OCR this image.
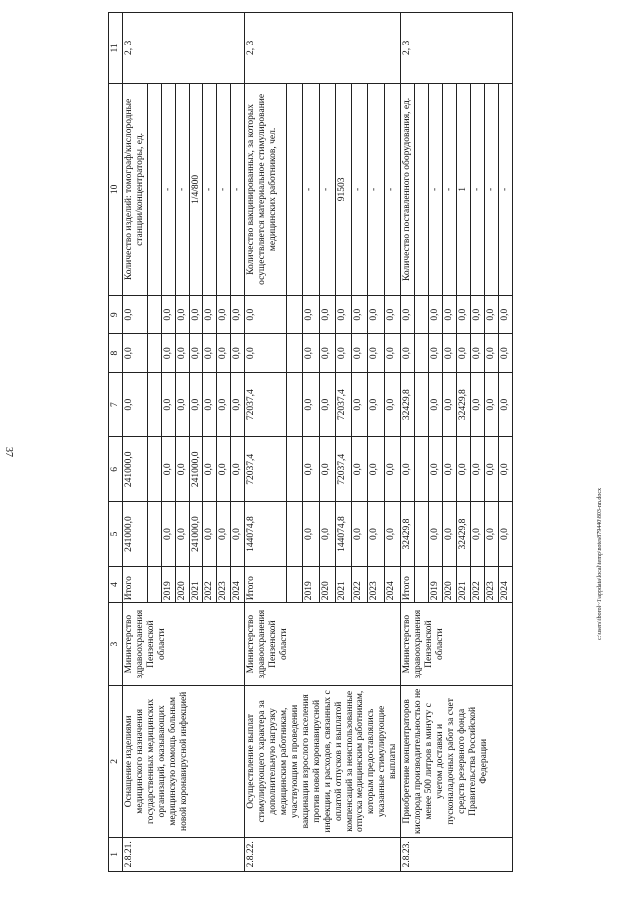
37
c:\users\iborol~1\appdata\local\temp\notes879440\803-nn.docx
1	2	3	4	5	6	7	8	9	10	11
2.8.21.	Оснащение изделиями медицинского назначения государственных медицинских организаций, оказывающих медицинскую помощь больным новой коронавирусной инфекцией	Министерство здравоохранения Пензенской области	Итого	241000,0	241000,0	0,0	0,0	0,0	Количество изделий: томограф/кислородные станции/концентраторы, ед.	2, 3

			2019	0,0	0,0	0,0	0,0	0,0	-	
			2020	0,0	0,0	0,0	0,0	0,0	-	
			2021	241000,0	241000,0	0,0	0,0	0,0	1/4/800	
			2022	0,0	0,0	0,0	0,0	0,0	-	
			2023	0,0	0,0	0,0	0,0	0,0	-	
			2024	0,0	0,0	0,0	0,0	0,0	-	
2.8.22.	Осуществление выплат стимулирующего характера за дополнительную нагрузку медицинским работникам, участвующим в проведении вакцинации взрослого населения против новой коронавирусной инфекции, и расходов, связанных с оплатой отпусков и выплатой компенсаций за неиспользованные отпуска медицинским работникам, которым предоставлялись указанные стимулирующие выплаты	Министерство здравоохранения Пензенской области	Итого	144074,8	72037,4	72037,4	0,0	0,0	Количество вакцинированных, за которых осуществляется материальное стимулирование медицинских работников, чел.	2, 3

			2019	0,0	0,0	0,0	0,0	0,0	-	
			2020	0,0	0,0	0,0	0,0	0,0	-	
			2021	144074,8	72037,4	72037,4	0,0	0,0	91503	
			2022	0,0	0,0	0,0	0,0	0,0	-	
			2023	0,0	0,0	0,0	0,0	0,0	-	
			2024	0,0	0,0	0,0	0,0	0,0	-	
2.8.23.	Приобретение концентраторов кислорода производительностью не менее 500 литров в минуту с учетом доставки и пусконаладочных работ за счет средств резервного фонда Правительства Российской Федерации	Министерство здравоохранения Пензенской области	Итого	32429,8	0,0	32429,8	0,0	0,0	Количество поставленного оборудования, ед.	2, 3

			2019	0,0	0,0	0,0	0,0	0,0	-	
			2020	0,0	0,0	0,0	0,0	0,0	-	
			2021	32429,8	0,0	32429,8	0,0	0,0	1	
			2022	0,0	0,0	0,0	0,0	0,0	-	
			2023	0,0	0,0	0,0	0,0	0,0	-	
			2024	0,0	0,0	0,0	0,0	0,0	-	
